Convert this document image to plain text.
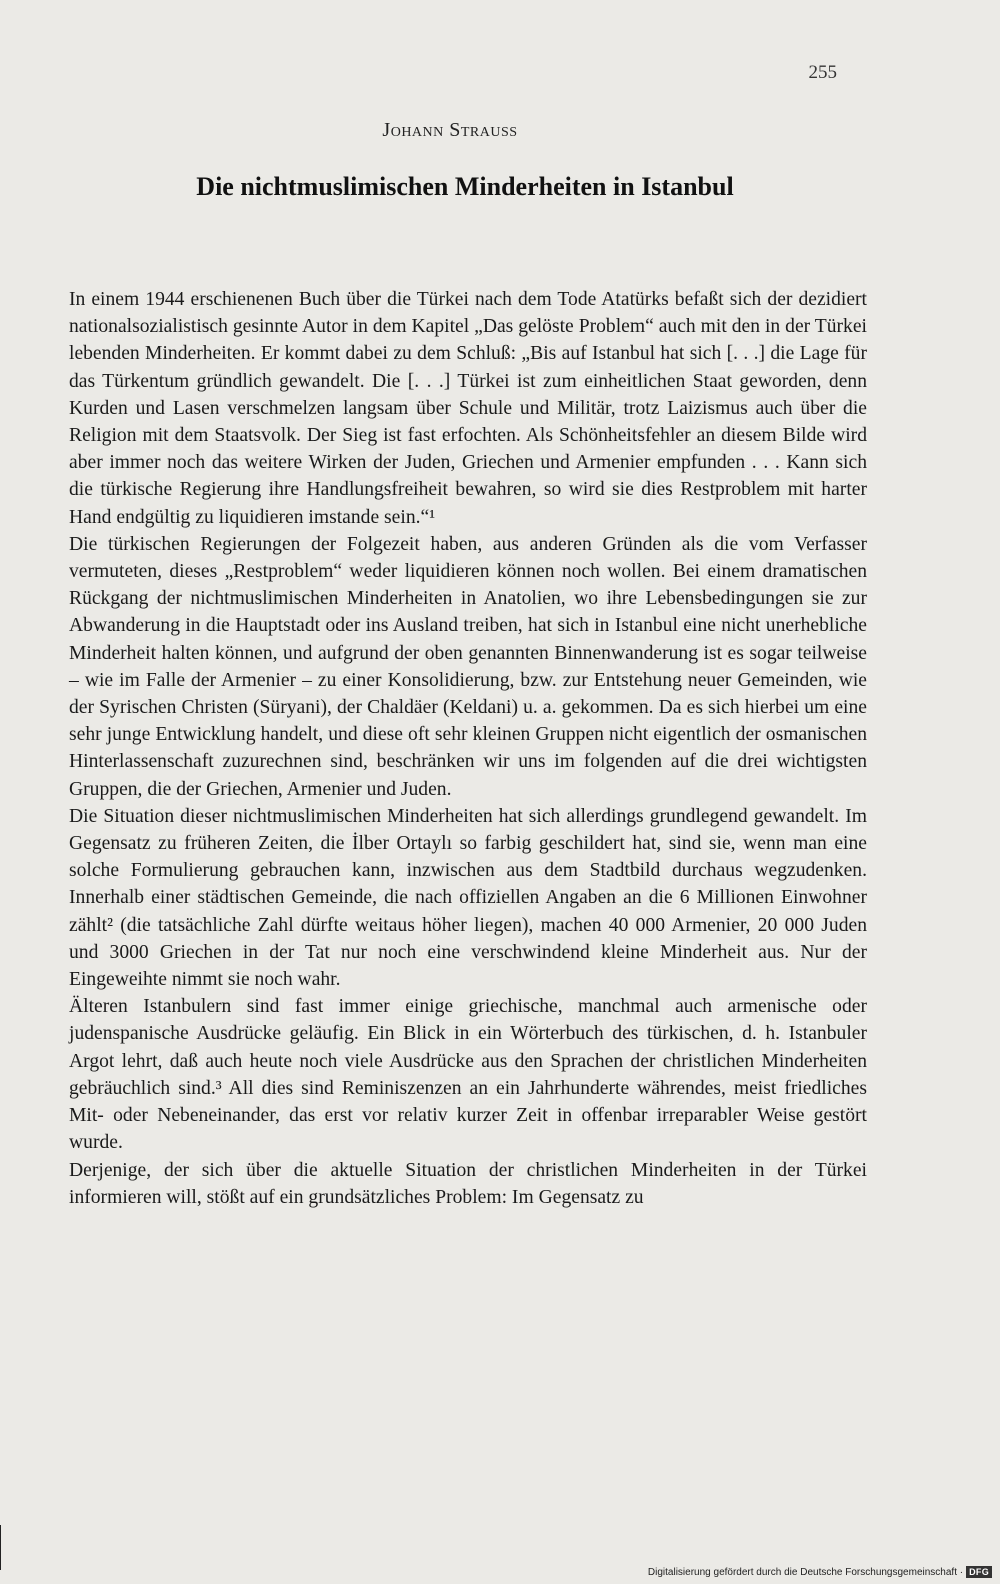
255
Johann Strauss
Die nichtmuslimischen Minderheiten in Istanbul

In einem 1944 erschienenen Buch über die Türkei nach dem Tode Atatürks befaßt sich der dezidiert nationalsozialistisch gesinnte Autor in dem Kapitel „Das gelöste Problem“ auch mit den in der Türkei lebenden Minderheiten. Er kommt dabei zu dem Schluß: „Bis auf Istanbul hat sich [. . .] die Lage für das Türkentum gründlich gewandelt. Die [. . .] Türkei ist zum einheitlichen Staat geworden, denn Kurden und Lasen verschmelzen langsam über Schule und Militär, trotz Laizismus auch über die Religion mit dem Staatsvolk. Der Sieg ist fast erfochten. Als Schönheitsfehler an diesem Bilde wird aber immer noch das weitere Wirken der Juden, Griechen und Armenier empfunden . . . Kann sich die türkische Regierung ihre Handlungsfreiheit bewahren, so wird sie dies Restproblem mit harter Hand endgültig zu liquidieren imstande sein.“¹

Die türkischen Regierungen der Folgezeit haben, aus anderen Gründen als die vom Verfasser vermuteten, dieses „Restproblem“ weder liquidieren können noch wollen. Bei einem dramatischen Rückgang der nichtmuslimischen Minderheiten in Anatolien, wo ihre Lebensbedingungen sie zur Abwanderung in die Hauptstadt oder ins Ausland treiben, hat sich in Istanbul eine nicht unerhebliche Minderheit halten können, und aufgrund der oben genannten Binnenwanderung ist es sogar teilweise – wie im Falle der Armenier – zu einer Konsolidierung, bzw. zur Entstehung neuer Gemeinden, wie der Syrischen Christen (Süryani), der Chaldäer (Keldani) u. a. gekommen. Da es sich hierbei um eine sehr junge Entwicklung handelt, und diese oft sehr kleinen Gruppen nicht eigentlich der osmanischen Hinterlassenschaft zuzurechnen sind, beschränken wir uns im folgenden auf die drei wichtigsten Gruppen, die der Griechen, Armenier und Juden.

Die Situation dieser nichtmuslimischen Minderheiten hat sich allerdings grundlegend gewandelt. Im Gegensatz zu früheren Zeiten, die İlber Ortaylı so farbig geschildert hat, sind sie, wenn man eine solche Formulierung gebrauchen kann, inzwischen aus dem Stadtbild durchaus wegzudenken. Innerhalb einer städtischen Gemeinde, die nach offiziellen Angaben an die 6 Millionen Einwohner zählt² (die tatsächliche Zahl dürfte weitaus höher liegen), machen 40 000 Armenier, 20 000 Juden und 3000 Griechen in der Tat nur noch eine verschwindend kleine Minderheit aus. Nur der Eingeweihte nimmt sie noch wahr.

Älteren Istanbulern sind fast immer einige griechische, manchmal auch armenische oder judenspanische Ausdrücke geläufig. Ein Blick in ein Wörterbuch des türkischen, d. h. Istanbuler Argot lehrt, daß auch heute noch viele Ausdrücke aus den Sprachen der christlichen Minderheiten gebräuchlich sind.³ All dies sind Reminiszenzen an ein Jahrhunderte währendes, meist friedliches Mit- oder Nebeneinander, das erst vor relativ kurzer Zeit in offenbar irreparabler Weise gestört wurde.

Derjenige, der sich über die aktuelle Situation der christlichen Minderheiten in der Türkei informieren will, stößt auf ein grundsätzliches Problem: Im Gegensatz zu

Digitalisierung gefördert durch die Deutsche Forschungsgemeinschaft · DFG
